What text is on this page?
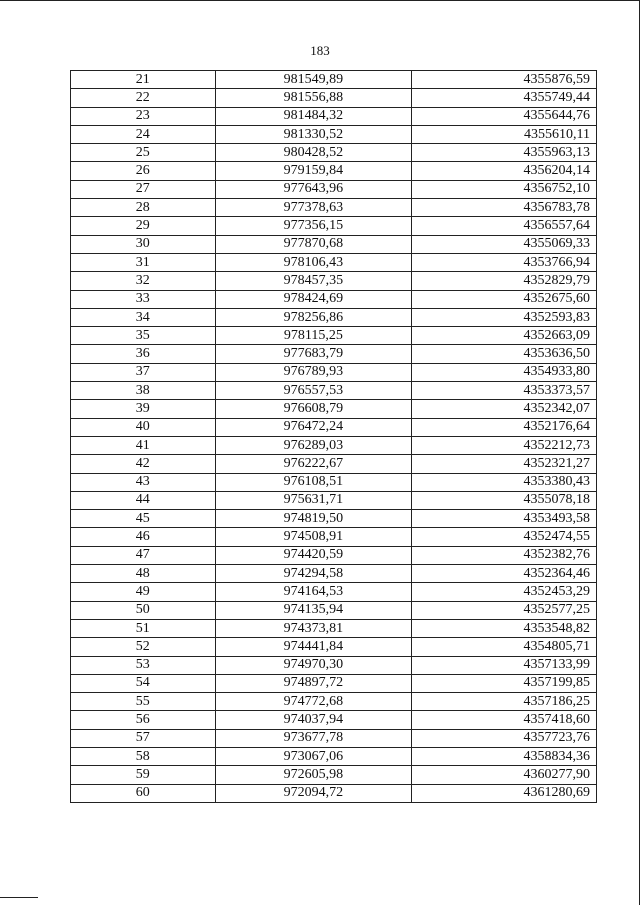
183
21	981549,89	4355876,59
22	981556,88	4355749,44
23	981484,32	4355644,76
24	981330,52	4355610,11
25	980428,52	4355963,13
26	979159,84	4356204,14
27	977643,96	4356752,10
28	977378,63	4356783,78
29	977356,15	4356557,64
30	977870,68	4355069,33
31	978106,43	4353766,94
32	978457,35	4352829,79
33	978424,69	4352675,60
34	978256,86	4352593,83
35	978115,25	4352663,09
36	977683,79	4353636,50
37	976789,93	4354933,80
38	976557,53	4353373,57
39	976608,79	4352342,07
40	976472,24	4352176,64
41	976289,03	4352212,73
42	976222,67	4352321,27
43	976108,51	4353380,43
44	975631,71	4355078,18
45	974819,50	4353493,58
46	974508,91	4352474,55
47	974420,59	4352382,76
48	974294,58	4352364,46
49	974164,53	4352453,29
50	974135,94	4352577,25
51	974373,81	4353548,82
52	974441,84	4354805,71
53	974970,30	4357133,99
54	974897,72	4357199,85
55	974772,68	4357186,25
56	974037,94	4357418,60
57	973677,78	4357723,76
58	973067,06	4358834,36
59	972605,98	4360277,90
60	972094,72	4361280,69
